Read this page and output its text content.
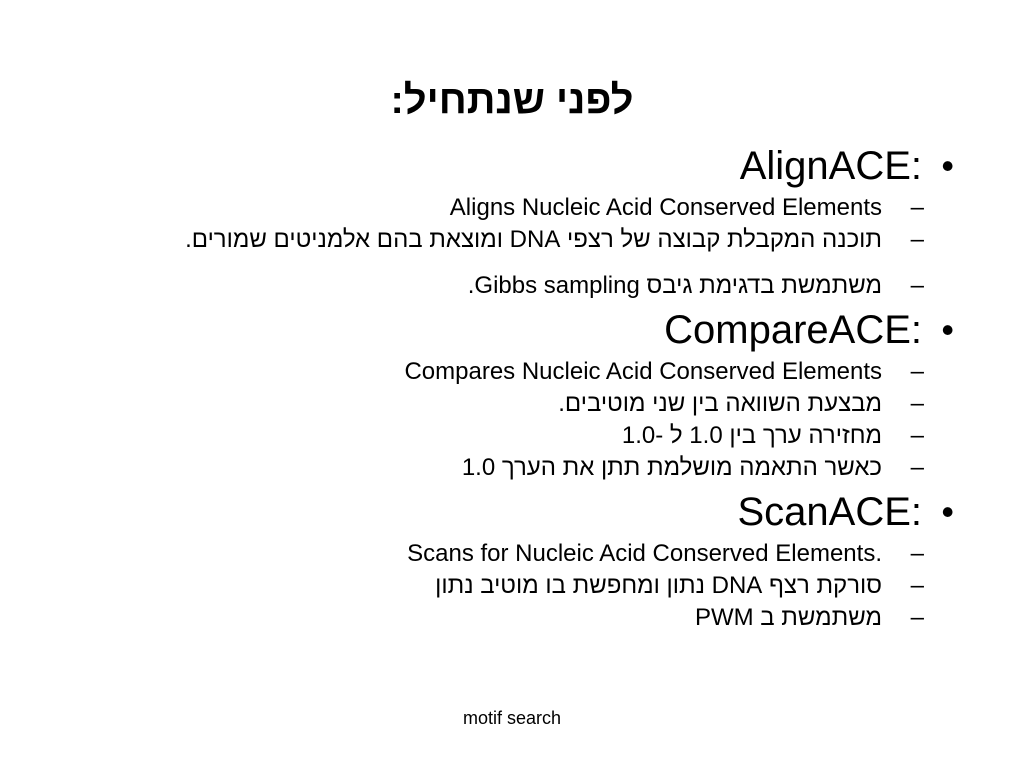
לפני שנתחיל:
•
AlignACE:
–
Aligns Nucleic Acid Conserved Elements
–
תוכנה המקבלת קבוצה של רצפי DNA ומוצאת בהם אלמניטים שמורים.
–
משתמשת בדגימת גיבס Gibbs sampling.
•
CompareACE:
–
Compares Nucleic Acid Conserved Elements
–
מבצעת השוואה בין שני מוטיבים.
–
מחזירה ערך בין 1.0 ל -1.0
–
כאשר התאמה מושלמת תתן את הערך 1.0
•
ScanACE:
–
Scans for Nucleic Acid Conserved Elements.
–
סורקת רצף DNA נתון ומחפשת בו מוטיב נתון
–
משתמשת ב PWM
motif search
